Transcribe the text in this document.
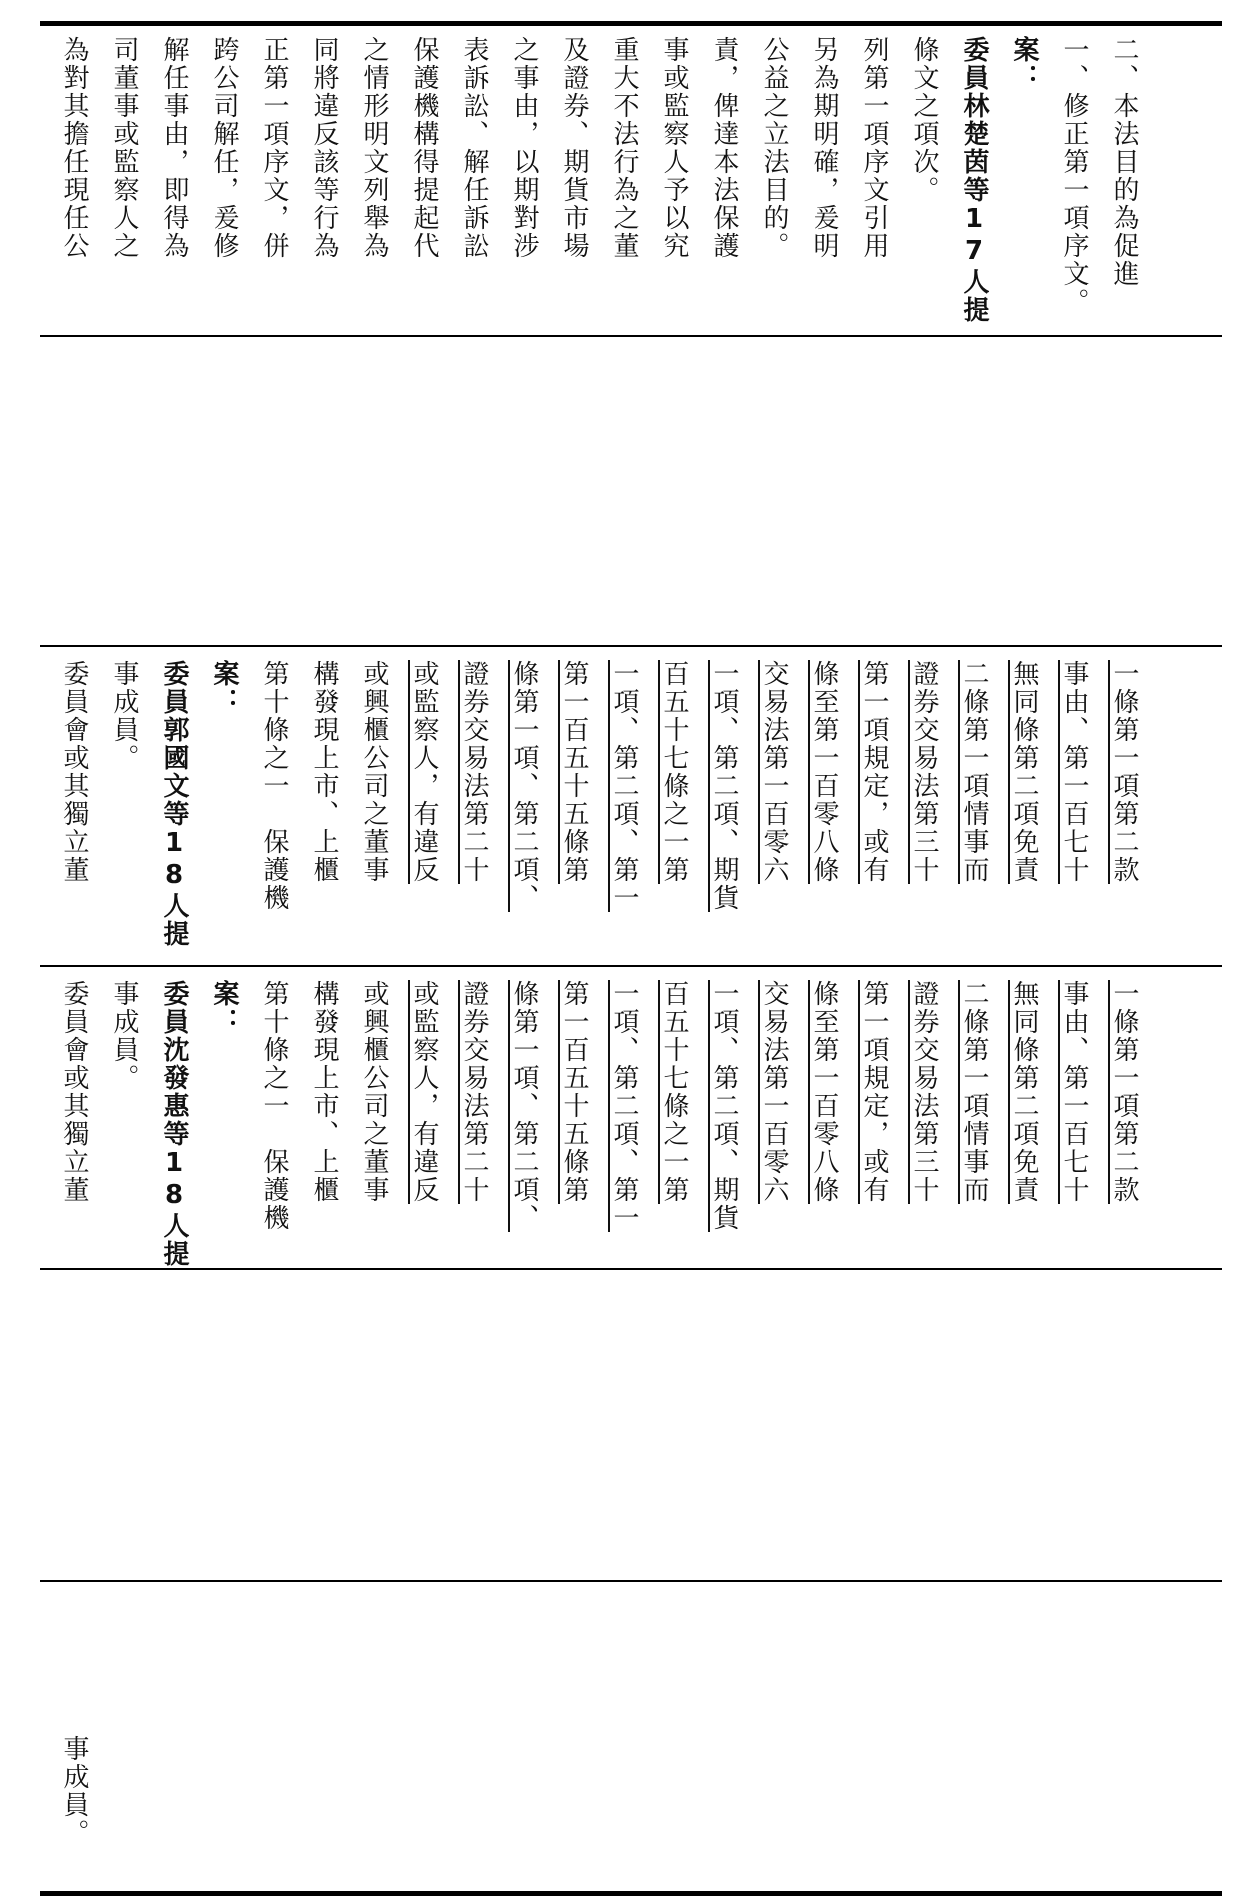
為對其擔任現任公 司董事或監察人之 解任事由，即得為 跨公司解任，爰修 正第一項序文，併 同將違反該等行為 之情形明文列舉為 保護機構得提起代 表訴訟、解任訴訟 之事由，以期對涉 及證券、期貨市場 重大不法行為之董 事或監察人予以究 責，俾達本法保護 公益之立法目的。 另為期明確，爰明 列第一項序文引用 條文之項次。 委員林楚茵等17人提 案： 一、修正第一項序文。 二、本法目的為促進
委員會或其獨立董 事成員。 委員郭國文等18人提 案： 第十條之一　保護機 構發現上市、上櫃 或興櫃公司之董事 或監察人，有違反 證券交易法第二十 條第一項、第二項、 第一百五十五條第 一項、第二項、第一 百五十七條之一第 一項、第二項、期貨 交易法第一百零六 條至第一百零八條 第一項規定，或有 證券交易法第三十 二條第一項情事而 無同條第二項免責 事由、第一百七十 一條第一項第二款
委員會或其獨立董 事成員。 委員沈發惠等18人提 案： 第十條之一　保護機 構發現上市、上櫃 或興櫃公司之董事 或監察人，有違反 證券交易法第二十 條第一項、第二項、 第一百五十五條第 一項、第二項、第一 百五十七條之一第 一項、第二項、期貨 交易法第一百零六 條至第一百零八條 第一項規定，或有 證券交易法第三十 二條第一項情事而 無同條第二項免責 事由、第一百七十 一條第一項第二款
事成員。
